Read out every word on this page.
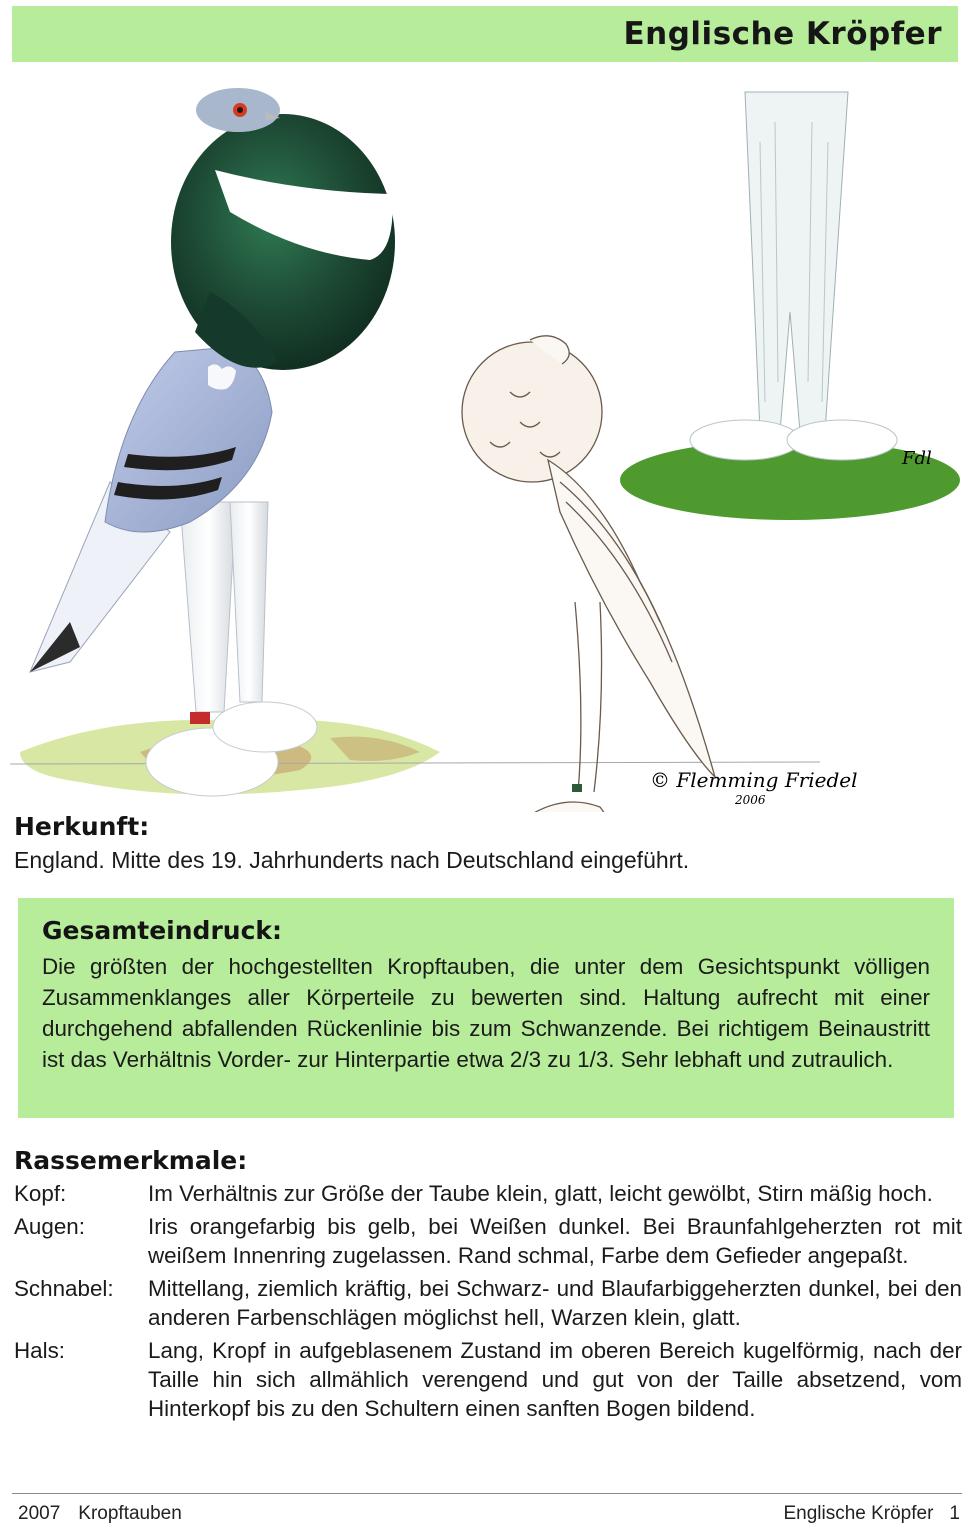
Englische Kröpfer
© Flemming Friedel
2006
Fdl
Herkunft:

England. Mitte des 19. Jahrhunderts nach Deutschland eingeführt.

Gesamteindruck:

Die größten der hochgestellten Kropftauben, die unter dem Gesichtspunkt völligen Zusammenklanges aller Körperteile zu bewerten sind. Haltung aufrecht mit einer durchgehend abfallenden Rückenlinie bis zum Schwanzende. Bei richtigem Beinaustritt ist das Verhältnis Vorder- zur Hinterpartie etwa 2/3 zu 1/3. Sehr lebhaft und zutraulich.

Rassemerkmale:
Kopf:	Im Verhältnis zur Größe der Taube klein, glatt, leicht gewölbt, Stirn mäßig hoch.
Augen:	Iris orangefarbig bis gelb, bei Weißen dunkel. Bei Braunfahlgeherzten rot mit weißem Innenring zugelassen. Rand schmal, Farbe dem Gefieder angepaßt.
Schnabel:	Mittellang, ziemlich kräftig, bei Schwarz- und Blaufarbiggeherzten dunkel, bei den anderen Farbenschlägen möglichst hell, Warzen klein, glatt.
Hals:	Lang, Kropf in aufgeblasenem Zustand im oberen Bereich kugelförmig, nach der Taille hin sich allmählich verengend und gut von der Taille absetzend, vom Hinterkopf bis zu den Schultern einen sanften Bogen bildend.
2007 Kropftauben	Englische Kröpfer 1
